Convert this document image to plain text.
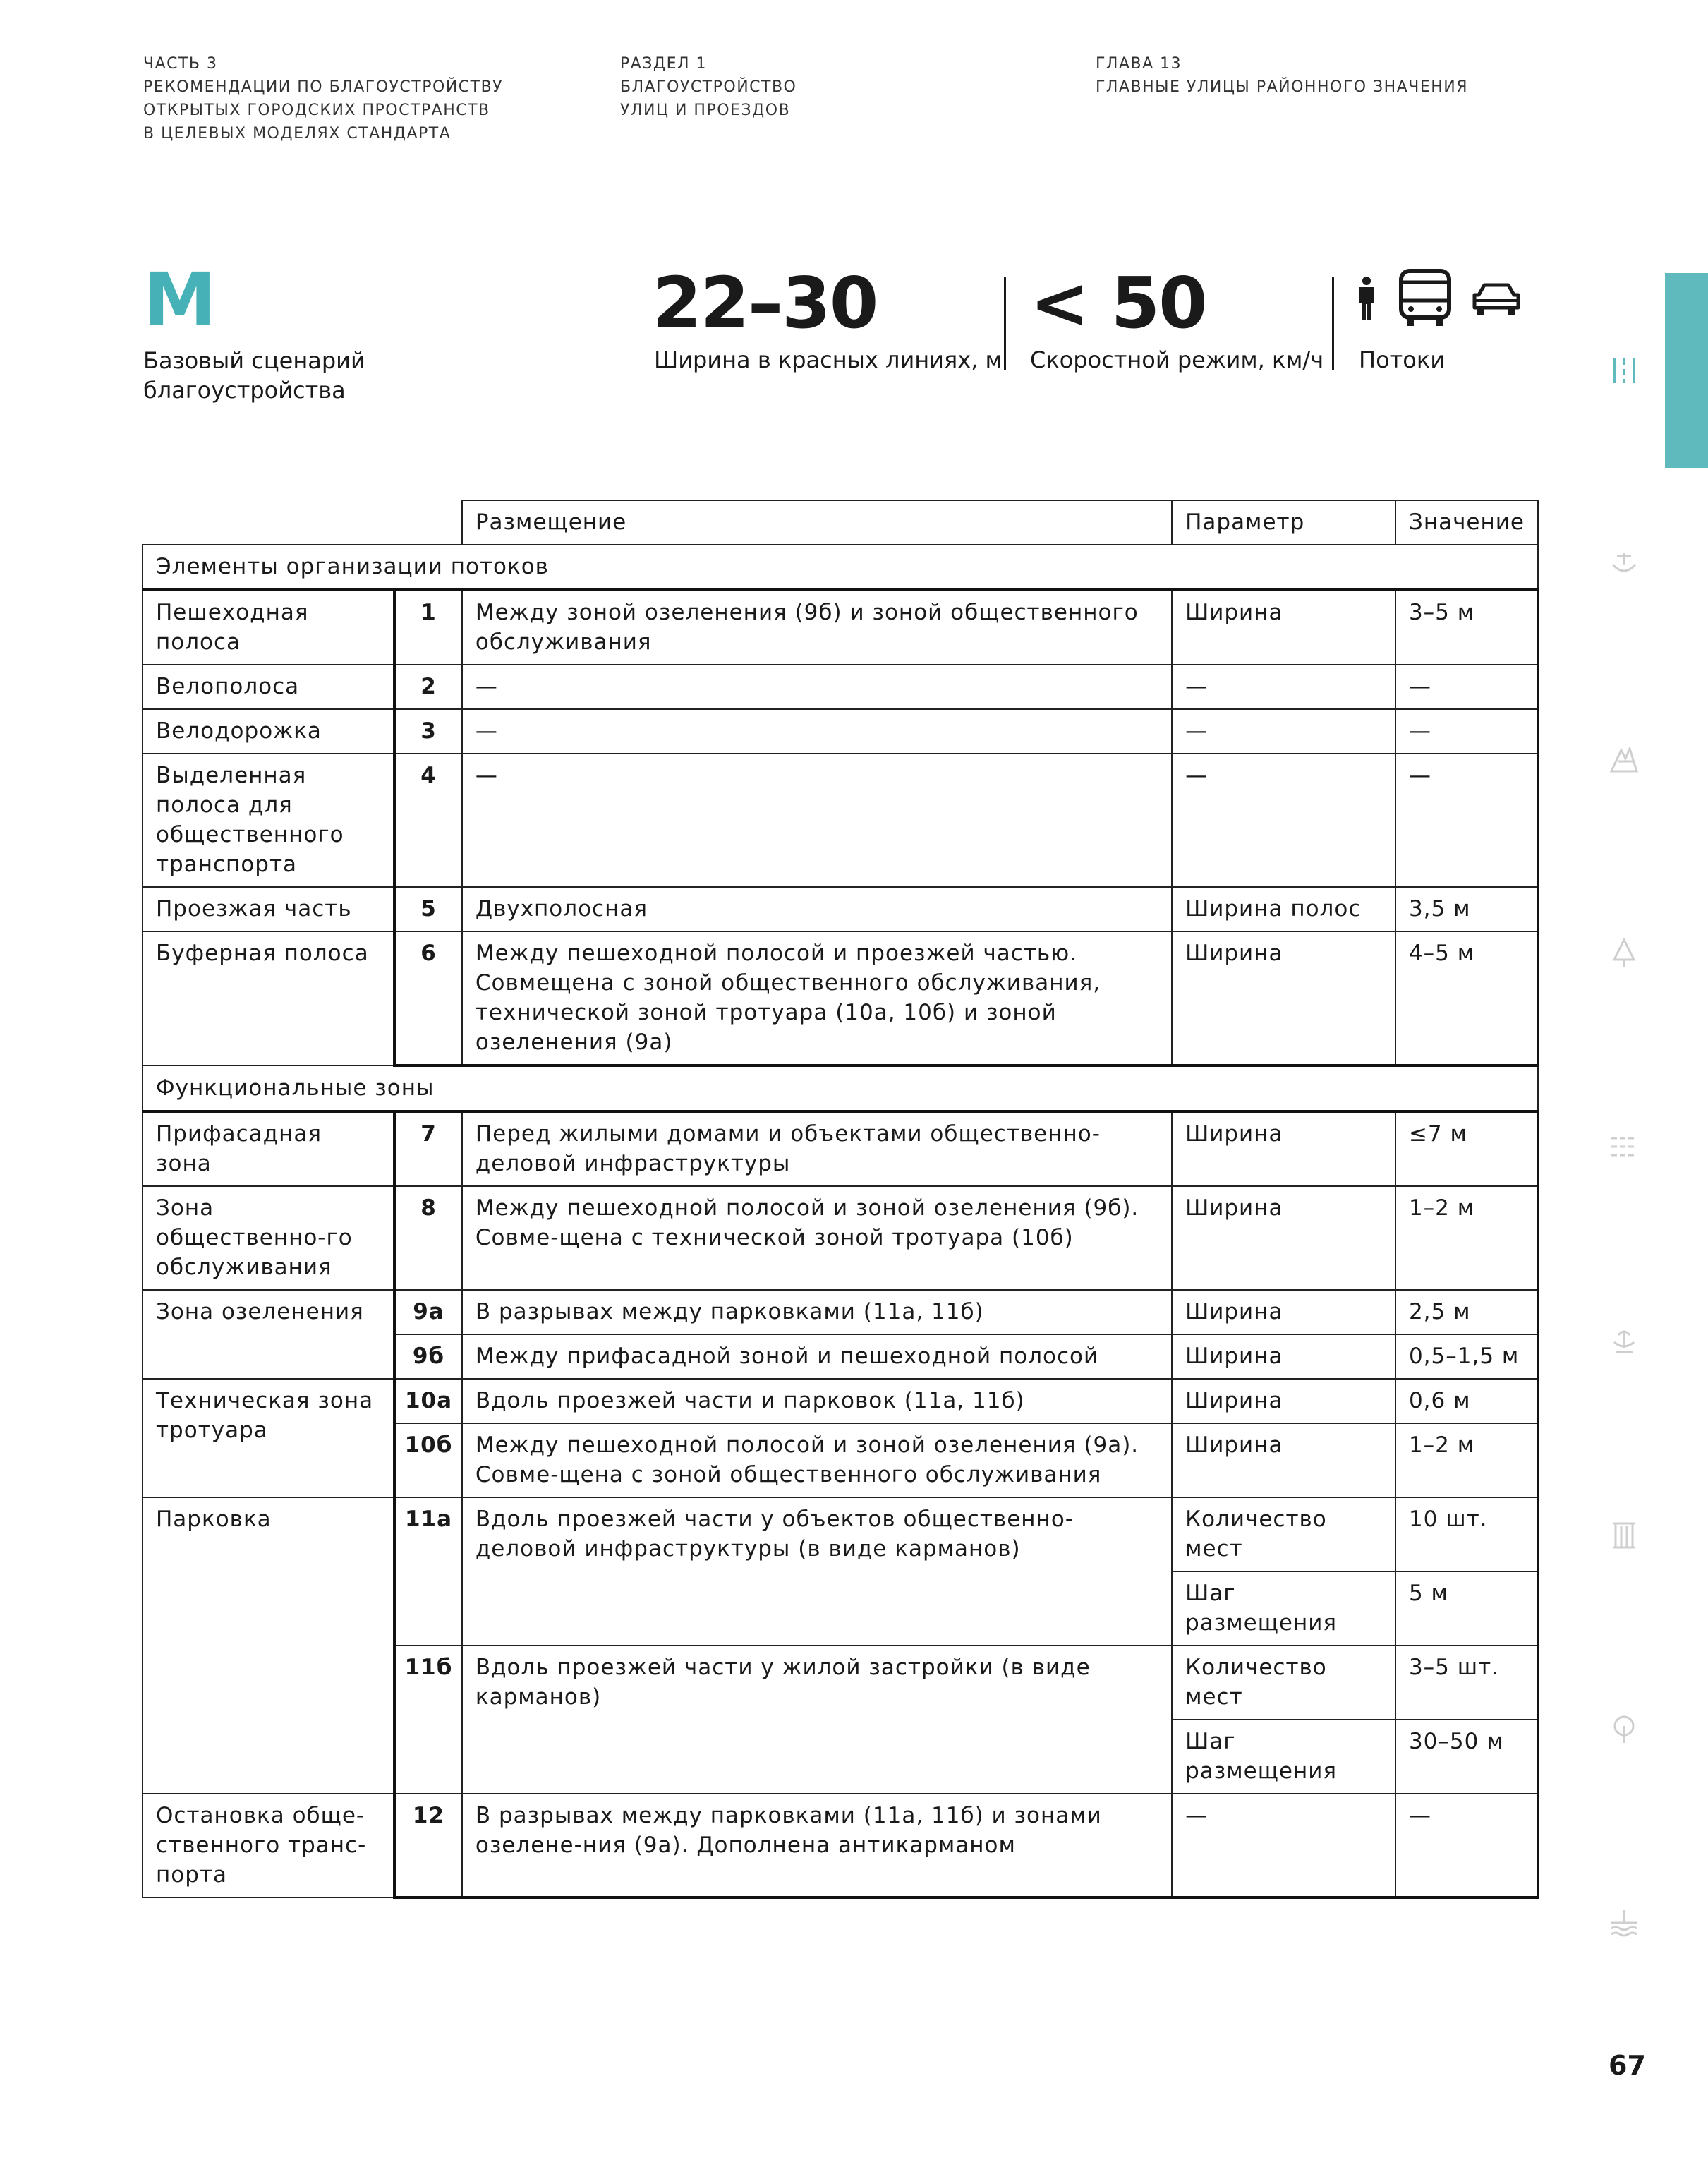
ЧАСТЬ 3
РЕКОМЕНДАЦИИ ПО БЛАГОУСТРОЙСТВУ
ОТКРЫТЫХ ГОРОДСКИХ ПРОСТРАНСТВ
В ЦЕЛЕВЫХ МОДЕЛЯХ СТАНДАРТА
РАЗДЕЛ 1
БЛАГОУСТРОЙСТВО
УЛИЦ И ПРОЕЗДОВ
ГЛАВА 13
ГЛАВНЫЕ УЛИЦЫ РАЙОННОГО ЗНАЧЕНИЯ
M
Базовый сценарий благоустройства
22–30
Ширина в красных линиях, м
< 50
Скоростной режим, км/ч Потоки
		Размещение	Параметр	Значение
Элементы организации потоков				
Пешеходная полоса	1	Между зоной озеленения (9б) и зоной общественного обслуживания	Ширина	3–5 м
Велополоса	2	—	—	—
Велодорожка	3	—	—	—
Выделенная полоса для общественного транспорта	4	—	—	—
Проезжая часть	5	Двухполосная	Ширина полос	3,5 м
Буферная полоса	6	Между пешеходной полосой и проезжей частью. Совмещена с зоной общественного обслуживания, технической зоной тротуара (10а, 10б) и зоной озеленения (9а)	Ширина	4–5 м
Функциональные зоны				
Прифасадная зона	7	Перед жилыми домами и объектами общественно-деловой инфраструктуры	Ширина	≤7 м
Зона общественно-го обслуживания	8	Между пешеходной полосой и зоной озеленения (9б). Совме-щена с технической зоной тротуара (10б)	Ширина	1–2 м
Зона озеленения	9а	В разрывах между парковками (11а, 11б)	Ширина	2,5 м
	9б	Между прифасадной зоной и пешеходной полосой	Ширина	0,5–1,5 м
Техническая зона тротуара	10а	Вдоль проезжей части и парковок (11а, 11б)	Ширина	0,6 м
	10б	Между пешеходной полосой и зоной озеленения (9а). Совме-щена с зоной общественного обслуживания	Ширина	1–2 м
Парковка	11а	Вдоль проезжей части у объектов общественно-деловой инфраструктуры (в виде карманов)	Количество мест	10 шт.
			Шаг размещения	5 м
	11б	Вдоль проезжей части у жилой застройки (в виде карманов)	Количество мест	3–5 шт.
			Шаг размещения	30–50 м
Остановка обще-ственного транс-порта	12	В разрывах между парковками (11а, 11б) и зонами озелене-ния (9а). Дополнена антикарманом	—	—
67
